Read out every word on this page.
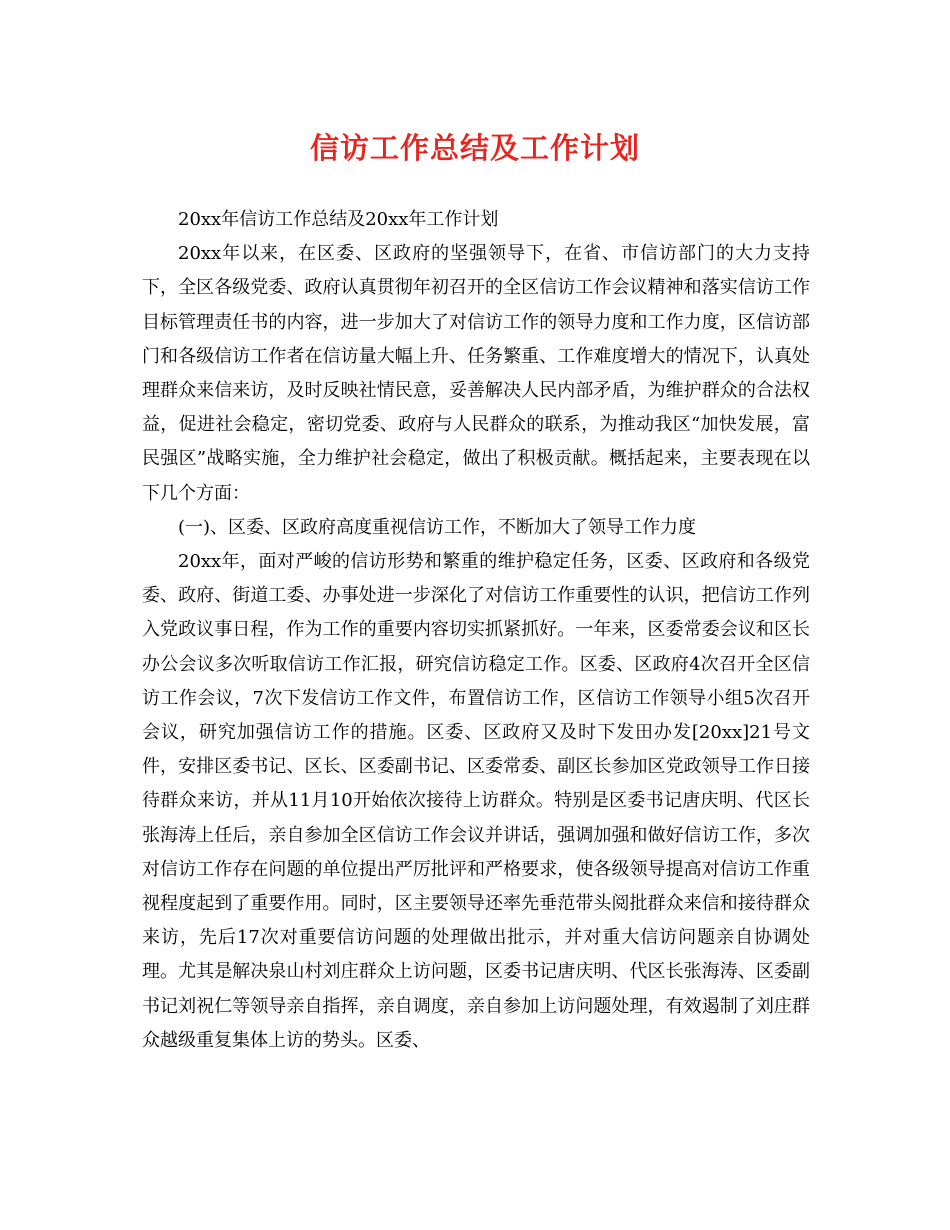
信访工作总结及工作计划

20xx年信访工作总结及20xx年工作计划

20xx年以来，在区委、区政府的坚强领导下，在省、市信访部门的大力支持下，全区各级党委、政府认真贯彻年初召开的全区信访工作会议精神和落实信访工作目标管理责任书的内容，进一步加大了对信访工作的领导力度和工作力度，区信访部门和各级信访工作者在信访量大幅上升、任务繁重、工作难度增大的情况下，认真处理群众来信来访，及时反映社情民意，妥善解决人民内部矛盾，为维护群众的合法权益，促进社会稳定，密切党委、政府与人民群众的联系，为推动我区“加快发展，富民强区”战略实施，全力维护社会稳定，做出了积极贡献。概括起来，主要表现在以下几个方面：

(一)、区委、区政府高度重视信访工作，不断加大了领导工作力度

20xx年，面对严峻的信访形势和繁重的维护稳定任务，区委、区政府和各级党委、政府、街道工委、办事处进一步深化了对信访工作重要性的认识，把信访工作列入党政议事日程，作为工作的重要内容切实抓紧抓好。一年来，区委常委会议和区长办公会议多次听取信访工作汇报，研究信访稳定工作。区委、区政府4次召开全区信访工作会议，7次下发信访工作文件，布置信访工作，区信访工作领导小组5次召开会议，研究加强信访工作的措施。区委、区政府又及时下发田办发[20xx]21号文件，安排区委书记、区长、区委副书记、区委常委、副区长参加区党政领导工作日接待群众来访，并从11月10开始依次接待上访群众。特别是区委书记唐庆明、代区长张海涛上任后，亲自参加全区信访工作会议并讲话，强调加强和做好信访工作，多次对信访工作存在问题的单位提出严厉批评和严格要求，使各级领导提高对信访工作重视程度起到了重要作用。同时，区主要领导还率先垂范带头阅批群众来信和接待群众来访，先后17次对重要信访问题的处理做出批示，并对重大信访问题亲自协调处理。尤其是解决泉山村刘庄群众上访问题，区委书记唐庆明、代区长张海涛、区委副书记刘祝仁等领导亲自指挥，亲自调度，亲自参加上访问题处理，有效遏制了刘庄群众越级重复集体上访的势头。区委、
